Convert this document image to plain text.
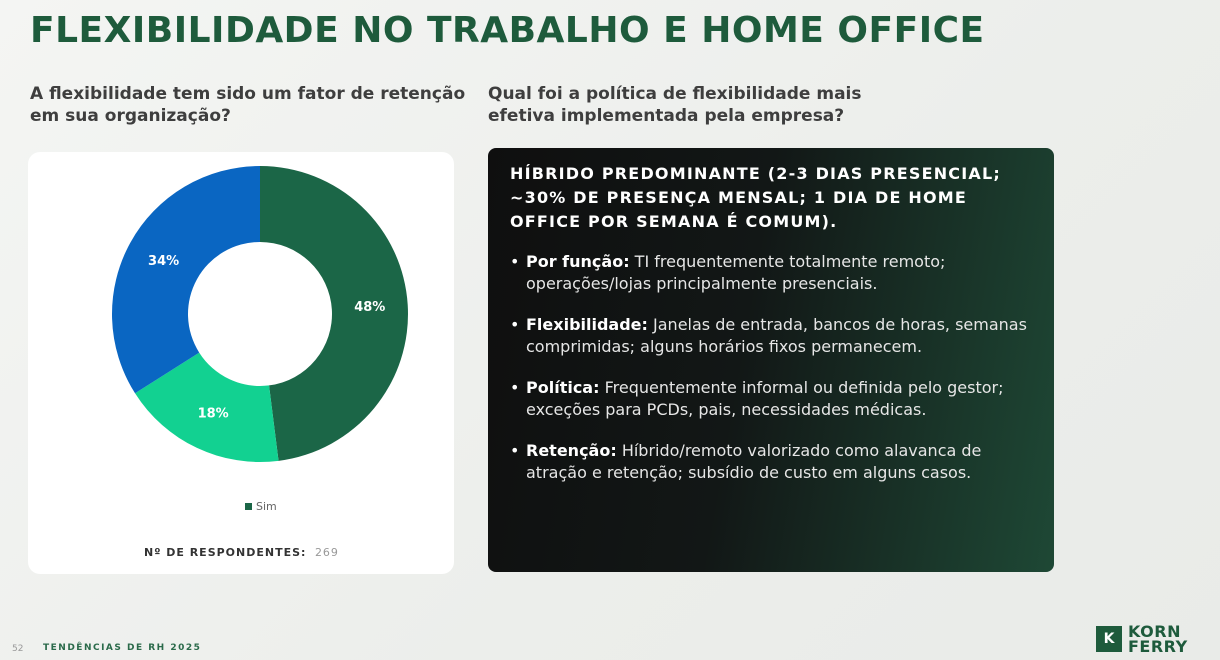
FLEXIBILIDADE NO TRABALHO E HOME OFFICE

A flexibilidade tem sido um fator de retenção em sua organização?

Qual foi a política de flexibilidade mais efetiva implementada pela empresa?

48%
18%
34%
Sim
Nº DE RESPONDENTES: 269

HÍBRIDO PREDOMINANTE (2-3 DIAS PRESENCIAL; ~30% DE PRESENÇA MENSAL; 1 DIA DE HOME OFFICE POR SEMANA É COMUM).

• Por função: TI frequentemente totalmente remoto; operações/lojas principalmente presenciais.
• Flexibilidade: Janelas de entrada, bancos de horas, semanas comprimidas; alguns horários fixos permanecem.
• Política: Frequentemente informal ou definida pelo gestor; exceções para PCDs, pais, necessidades médicas.
• Retenção: Híbrido/remoto valorizado como alavanca de atração e retenção; subsídio de custo em alguns casos.
52 TENDÊNCIAS DE RH 2025
K KORN
FERRY
